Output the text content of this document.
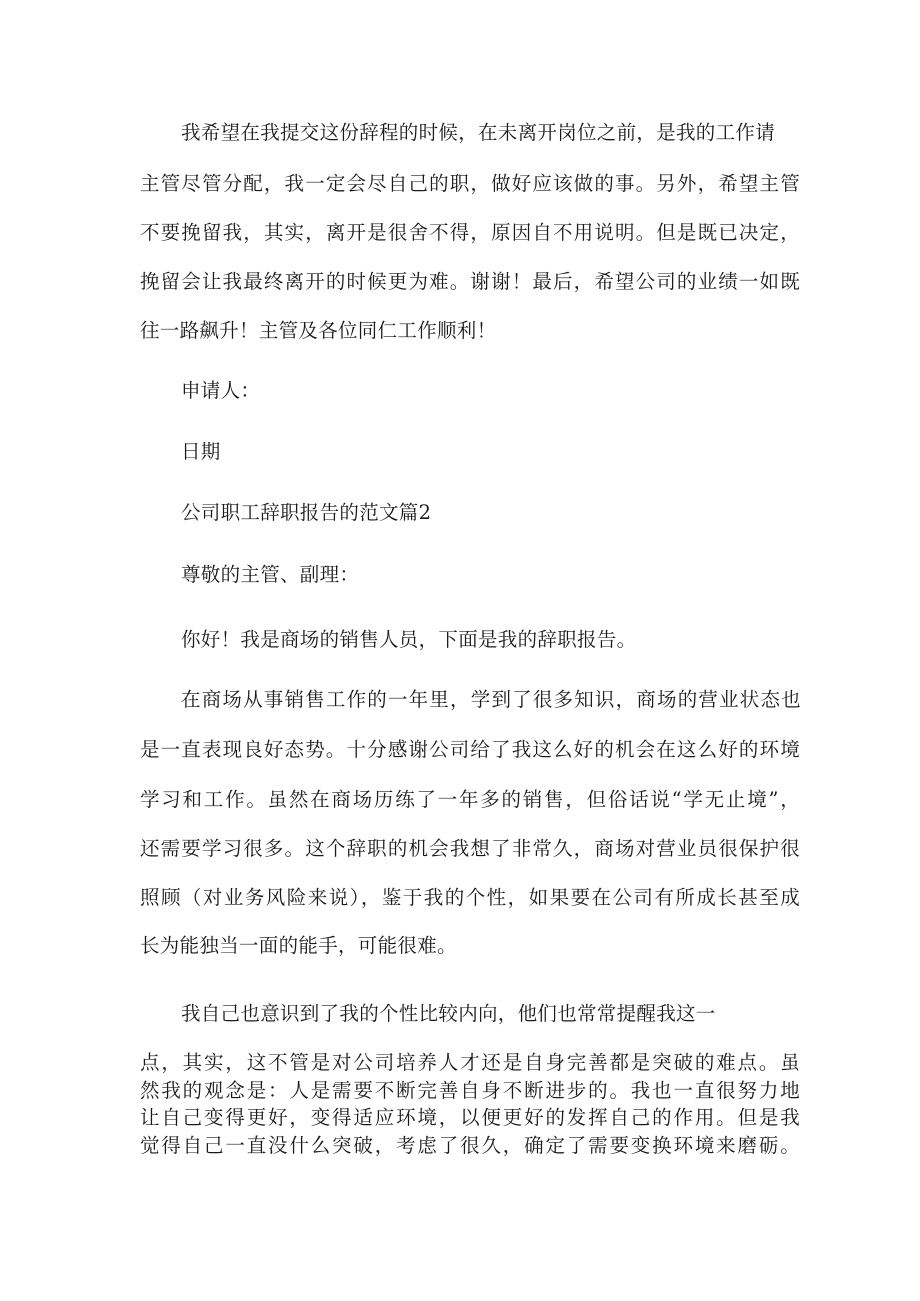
我希望在我提交这份辞程的时候，在未离开岗位之前，是我的工作请
主管尽管分配，我一定会尽自己的职，做好应该做的事。另外，希望主管
不要挽留我，其实，离开是很舍不得，原因自不用说明。但是既已决定，
挽留会让我最终离开的时候更为难。谢谢！最后，希望公司的业绩一如既
往一路飙升！主管及各位同仁工作顺利！
申请人：
日期
公司职工辞职报告的范文篇2
尊敬的主管、副理：
你好！我是商场的销售人员，下面是我的辞职报告。
在商场从事销售工作的一年里，学到了很多知识，商场的营业状态也
是一直表现良好态势。十分感谢公司给了我这么好的机会在这么好的环境
学习和工作。虽然在商场历练了一年多的销售，但俗话说“学无止境”，
还需要学习很多。这个辞职的机会我想了非常久，商场对营业员很保护很
照顾（对业务风险来说），鉴于我的个性，如果要在公司有所成长甚至成
长为能独当一面的能手，可能很难。
我自己也意识到了我的个性比较内向，他们也常常提醒我这一
点，其实，这不管是对公司培养人才还是自身完善都是突破的难点。虽
然我的观念是：人是需要不断完善自身不断进步的。我也一直很努力地
让自己变得更好，变得适应环境，以便更好的发挥自己的作用。但是我
觉得自己一直没什么突破，考虑了很久，确定了需要变换环境来磨砺。
